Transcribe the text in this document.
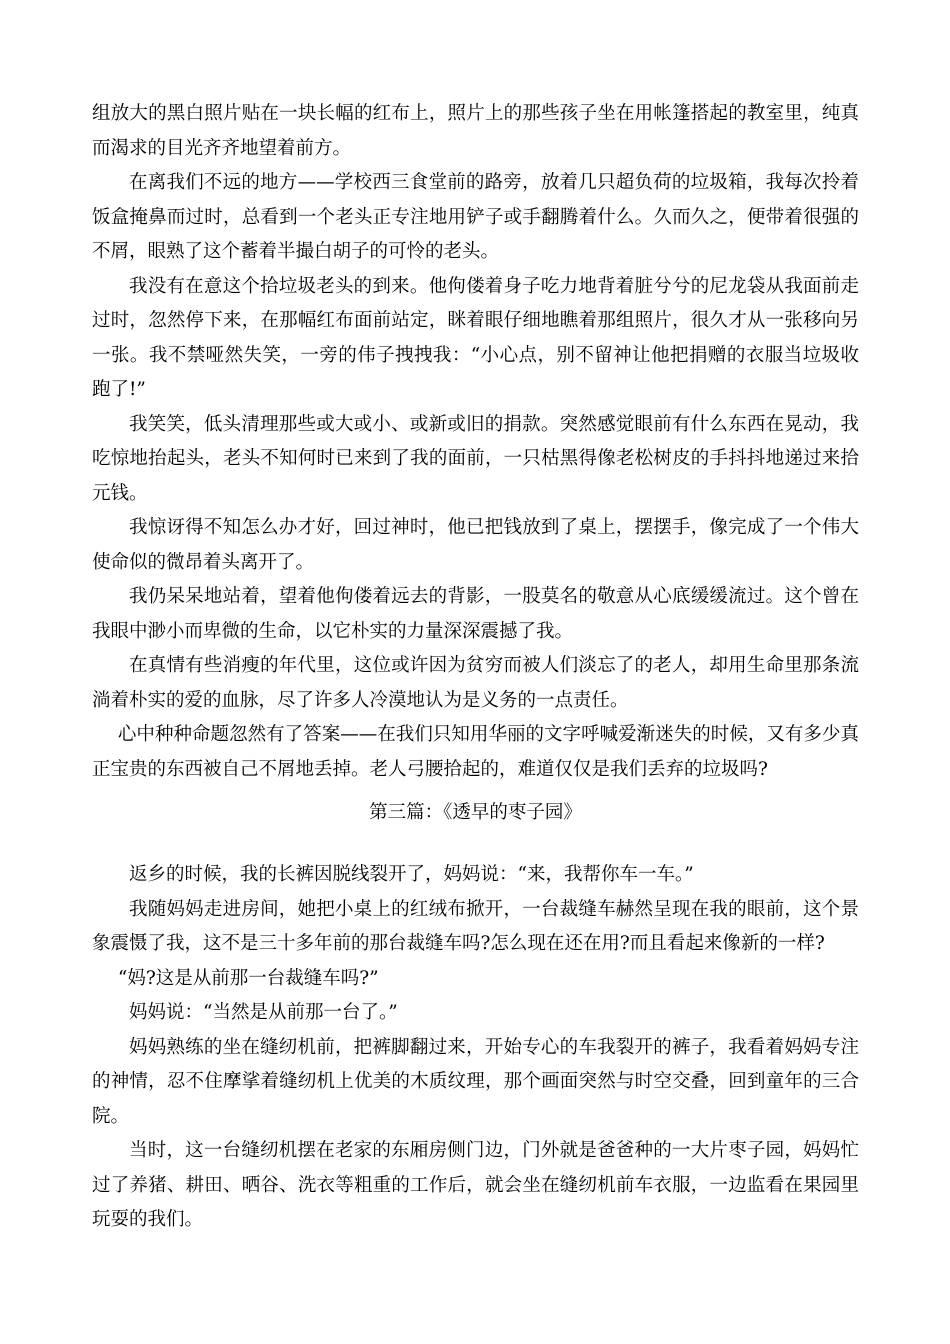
组放大的黑白照片贴在一块长幅的红布上，照片上的那些孩子坐在用帐篷搭起的教室里，纯真而渴求的目光齐齐地望着前方。

在离我们不远的地方——学校西三食堂前的路旁，放着几只超负荷的垃圾箱，我每次拎着饭盒掩鼻而过时，总看到一个老头正专注地用铲子或手翻腾着什么。久而久之，便带着很强的不屑，眼熟了这个蓄着半撮白胡子的可怜的老头。

我没有在意这个拾垃圾老头的到来。他佝偻着身子吃力地背着脏兮兮的尼龙袋从我面前走过时，忽然停下来，在那幅红布面前站定，眯着眼仔细地瞧着那组照片，很久才从一张移向另一张。我不禁哑然失笑，一旁的伟子拽拽我：“小心点，别不留神让他把捐赠的衣服当垃圾收跑了!”

我笑笑，低头清理那些或大或小、或新或旧的捐款。突然感觉眼前有什么东西在晃动，我吃惊地抬起头，老头不知何时已来到了我的面前，一只枯黑得像老松树皮的手抖抖地递过来拾元钱。

我惊讶得不知怎么办才好，回过神时，他已把钱放到了桌上，摆摆手，像完成了一个伟大使命似的微昂着头离开了。

我仍呆呆地站着，望着他佝偻着远去的背影，一股莫名的敬意从心底缓缓流过。这个曾在我眼中渺小而卑微的生命，以它朴实的力量深深震撼了我。

在真情有些消瘦的年代里，这位或许因为贫穷而被人们淡忘了的老人，却用生命里那条流淌着朴实的爱的血脉，尽了许多人冷漠地认为是义务的一点责任。

心中种种命题忽然有了答案——在我们只知用华丽的文字呼喊爱渐迷失的时候，又有多少真正宝贵的东西被自己不屑地丢掉。老人弓腰拾起的，难道仅仅是我们丢弃的垃圾吗?

第三篇：《透早的枣子园》

返乡的时候，我的长裤因脱线裂开了，妈妈说：“来，我帮你车一车。”

我随妈妈走进房间，她把小桌上的红绒布掀开，一台裁缝车赫然呈现在我的眼前，这个景象震慑了我，这不是三十多年前的那台裁缝车吗?怎么现在还在用?而且看起来像新的一样?

“妈?这是从前那一台裁缝车吗?”

妈妈说：“当然是从前那一台了。”

妈妈熟练的坐在缝纫机前，把裤脚翻过来，开始专心的车我裂开的裤子，我看着妈妈专注的神情，忍不住摩挲着缝纫机上优美的木质纹理，那个画面突然与时空交叠，回到童年的三合院。

当时，这一台缝纫机摆在老家的东厢房侧门边，门外就是爸爸种的一大片枣子园，妈妈忙过了养猪、耕田、晒谷、洗衣等粗重的工作后，就会坐在缝纫机前车衣服，一边监看在果园里玩耍的我们。
